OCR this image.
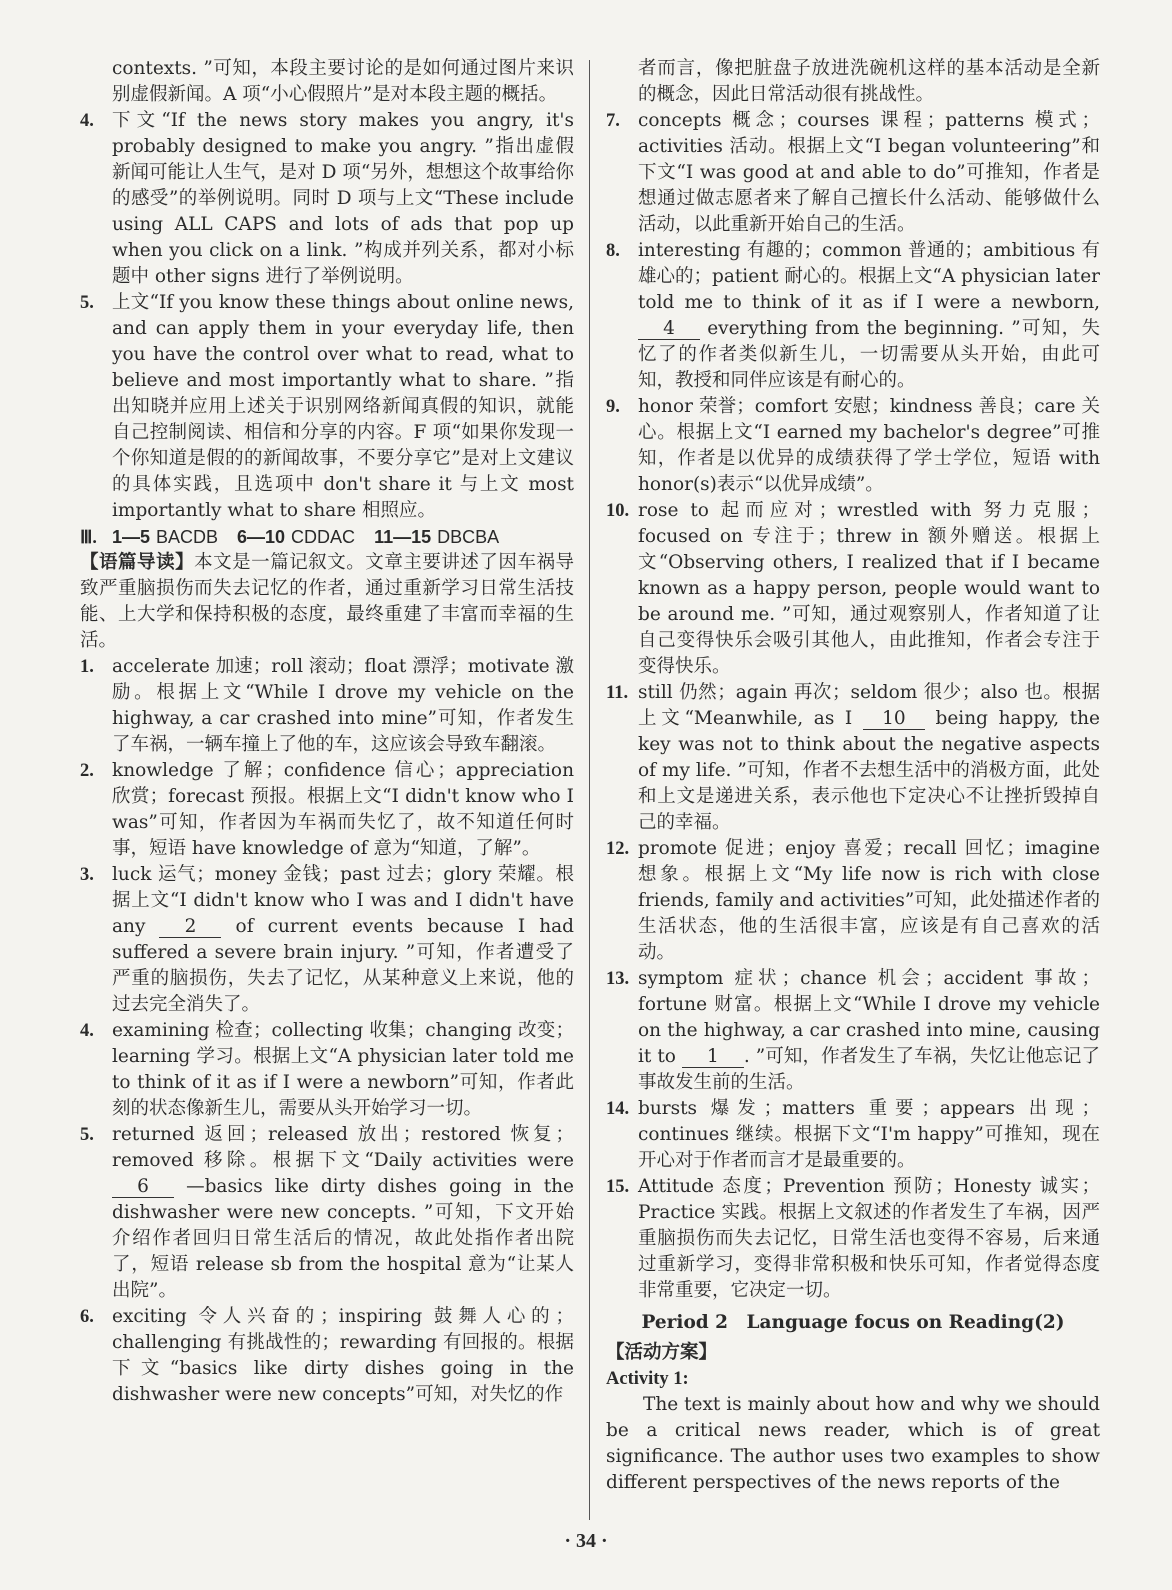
contexts. ”可知，本段主要讨论的是如何通过图片来识别虚假新闻。A 项“小心假照片”是对本段主题的概括。

4. 下文“If the news story makes you angry, it's probably designed to make you angry. ”指出虚假新闻可能让人生气，是对 D 项“另外，想想这个故事给你的感受”的举例说明。同时 D 项与上文“These include using ALL CAPS and lots of ads that pop up when you click on a link. ”构成并列关系，都对小标题中 other signs 进行了举例说明。

5. 上文“If you know these things about online news, and can apply them in your everyday life, then you have the control over what to read, what to believe and most importantly what to share. ”指出知晓并应用上述关于识别网络新闻真假的知识，就能自己控制阅读、相信和分享的内容。F 项“如果你发现一个你知道是假的的新闻故事，不要分享它”是对上文建议的具体实践，且选项中 don't share it 与上文 most importantly what to share 相照应。

Ⅲ. 1—5 BACDB 6—10 CDDAC 11—15 DBCBA

【语篇导读】本文是一篇记叙文。文章主要讲述了因车祸导致严重脑损伤而失去记忆的作者，通过重新学习日常生活技能、上大学和保持积极的态度，最终重建了丰富而幸福的生活。

1. accelerate 加速；roll 滚动；float 漂浮；motivate 激励。根据上文“While I drove my vehicle on the highway, a car crashed into mine”可知，作者发生了车祸，一辆车撞上了他的车，这应该会导致车翻滚。

2. knowledge 了解；confidence 信心；appreciation 欣赏；forecast 预报。根据上文“I didn't know who I was”可知，作者因为车祸而失忆了，故不知道任何时事，短语 have knowledge of 意为“知道，了解”。

3. luck 运气；money 金钱；past 过去；glory 荣耀。根据上文“I didn't know who I was and I didn't have any 2 of current events because I had suffered a severe brain injury. ”可知，作者遭受了严重的脑损伤，失去了记忆，从某种意义上来说，他的过去完全消失了。

4. examining 检查；collecting 收集；changing 改变；learning 学习。根据上文“A physician later told me to think of it as if I were a newborn”可知，作者此刻的状态像新生儿，需要从头开始学习一切。

5. returned 返回；released 放出；restored 恢复；removed 移除。根据下文“Daily activities were 6 —basics like dirty dishes going in the dishwasher were new concepts. ”可知，下文开始介绍作者回归日常生活后的情况，故此处指作者出院了，短语 release sb from the hospital 意为“让某人出院”。

6. exciting 令人兴奋的；inspiring 鼓舞人心的；challenging 有挑战性的；rewarding 有回报的。根据下文“basics like dirty dishes going in the dishwasher were new concepts”可知，对失忆的作

者而言，像把脏盘子放进洗碗机这样的基本活动是全新的概念，因此日常活动很有挑战性。

7. concepts 概念；courses 课程；patterns 模式；activities 活动。根据上文“I began volunteering”和下文“I was good at and able to do”可推知，作者是想通过做志愿者来了解自己擅长什么活动、能够做什么活动，以此重新开始自己的生活。

8. interesting 有趣的；common 普通的；ambitious 有雄心的；patient 耐心的。根据上文“A physician later told me to think of it as if I were a newborn, 4 everything from the beginning. ”可知，失忆了的作者类似新生儿，一切需要从头开始，由此可知，教授和同伴应该是有耐心的。

9. honor 荣誉；comfort 安慰；kindness 善良；care 关心。根据上文“I earned my bachelor's degree”可推知，作者是以优异的成绩获得了学士学位，短语 with honor(s)表示“以优异成绩”。

10. rose to 起而应对；wrestled with 努力克服；focused on 专注于；threw in 额外赠送。根据上文“Observing others, I realized that if I became known as a happy person, people would want to be around me. ”可知，通过观察别人，作者知道了让自己变得快乐会吸引其他人，由此推知，作者会专注于变得快乐。

11. still 仍然；again 再次；seldom 很少；also 也。根据上文“Meanwhile, as I 10 being happy, the key was not to think about the negative aspects of my life. ”可知，作者不去想生活中的消极方面，此处和上文是递进关系，表示他也下定决心不让挫折毁掉自己的幸福。

12. promote 促进；enjoy 喜爱；recall 回忆；imagine 想象。根据上文“My life now is rich with close friends, family and activities”可知，此处描述作者的生活状态，他的生活很丰富，应该是有自己喜欢的活动。

13. symptom 症状；chance 机会；accident 事故；fortune 财富。根据上文“While I drove my vehicle on the highway, a car crashed into mine, causing it to 1 . ”可知，作者发生了车祸，失忆让他忘记了事故发生前的生活。

14. bursts 爆发；matters 重要；appears 出现；continues 继续。根据下文“I'm happy”可推知，现在开心对于作者而言才是最重要的。

15. Attitude 态度；Prevention 预防；Honesty 诚实；Practice 实践。根据上文叙述的作者发生了车祸，因严重脑损伤而失去记忆，日常生活也变得不容易，后来通过重新学习，变得非常积极和快乐可知，作者觉得态度非常重要，它决定一切。

Period 2　Language focus on Reading(2)

【活动方案】

Activity 1:

The text is mainly about how and why we should be a critical news reader, which is of great significance. The author uses two examples to show different perspectives of the news reports of the

· 34 ·
